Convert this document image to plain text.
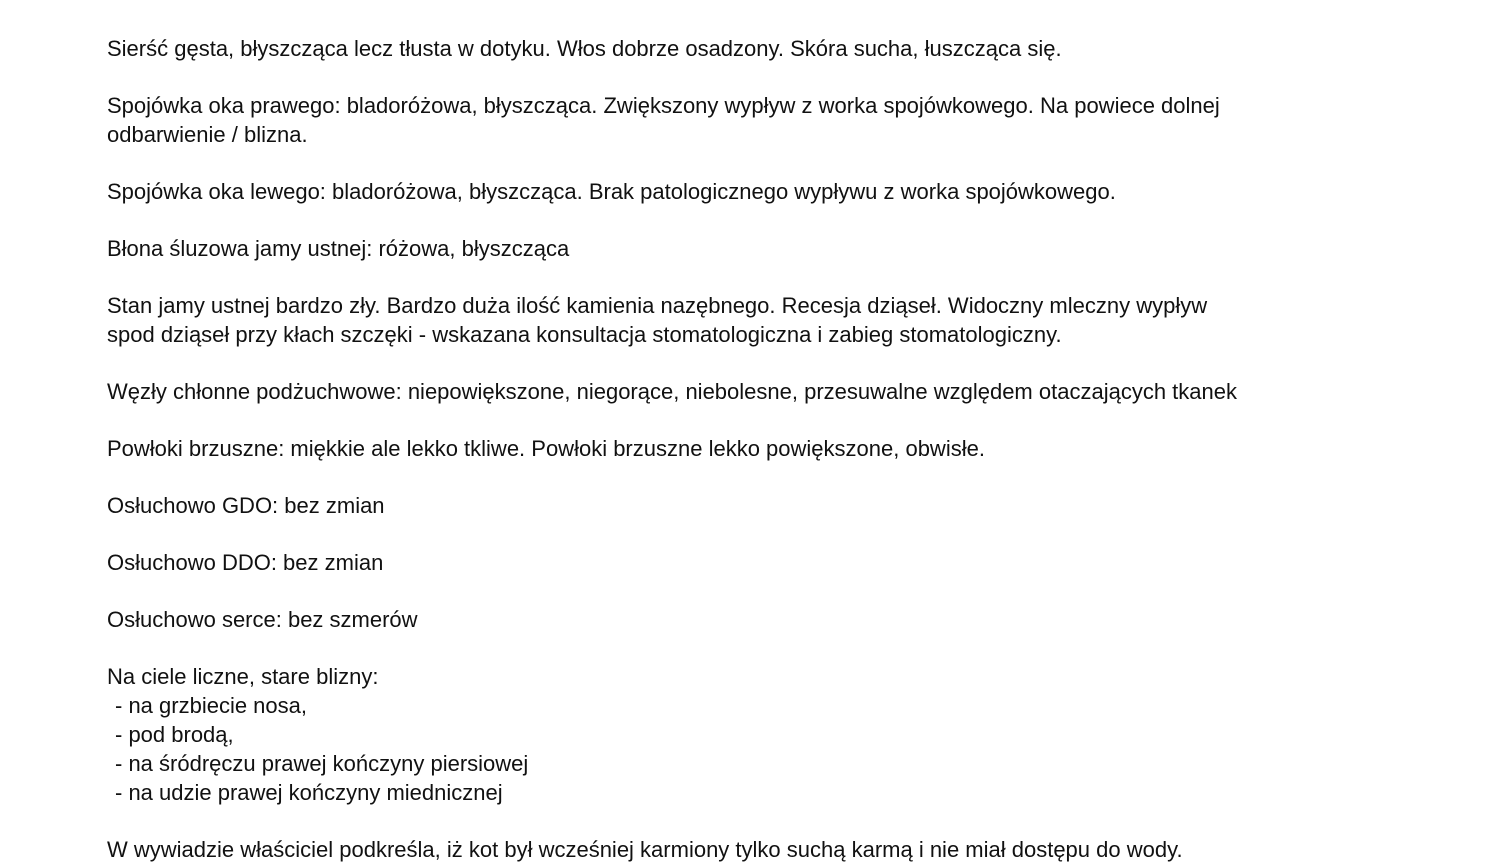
Sierść gęsta, błyszcząca lecz tłusta w dotyku. Włos dobrze osadzony. Skóra sucha, łuszcząca się.

Spojówka oka prawego: bladoróżowa, błyszcząca. Zwiększony wypływ z worka spojówkowego. Na powiece dolnej
odbarwienie / blizna.

Spojówka oka lewego: bladoróżowa, błyszcząca. Brak patologicznego wypływu z worka spojówkowego.

Błona śluzowa jamy ustnej: różowa, błyszcząca

Stan jamy ustnej bardzo zły. Bardzo duża ilość kamienia nazębnego. Recesja dziąseł. Widoczny mleczny wypływ
spod dziąseł przy kłach szczęki - wskazana konsultacja stomatologiczna i zabieg stomatologiczny.

Węzły chłonne podżuchwowe: niepowiększone, niegorące, niebolesne, przesuwalne względem otaczających tkanek

Powłoki brzuszne: miękkie ale lekko tkliwe. Powłoki brzuszne lekko powiększone, obwisłe.

Osłuchowo GDO: bez zmian

Osłuchowo DDO: bez zmian

Osłuchowo serce: bez szmerów

Na ciele liczne, stare blizny:
- na grzbiecie nosa,
- pod brodą,
- na śródręczu prawej kończyny piersiowej
- na udzie prawej kończyny miednicznej
W wywiadzie właściciel podkreśla, iż kot był wcześniej karmiony tylko suchą karmą i nie miał dostępu do wody.
